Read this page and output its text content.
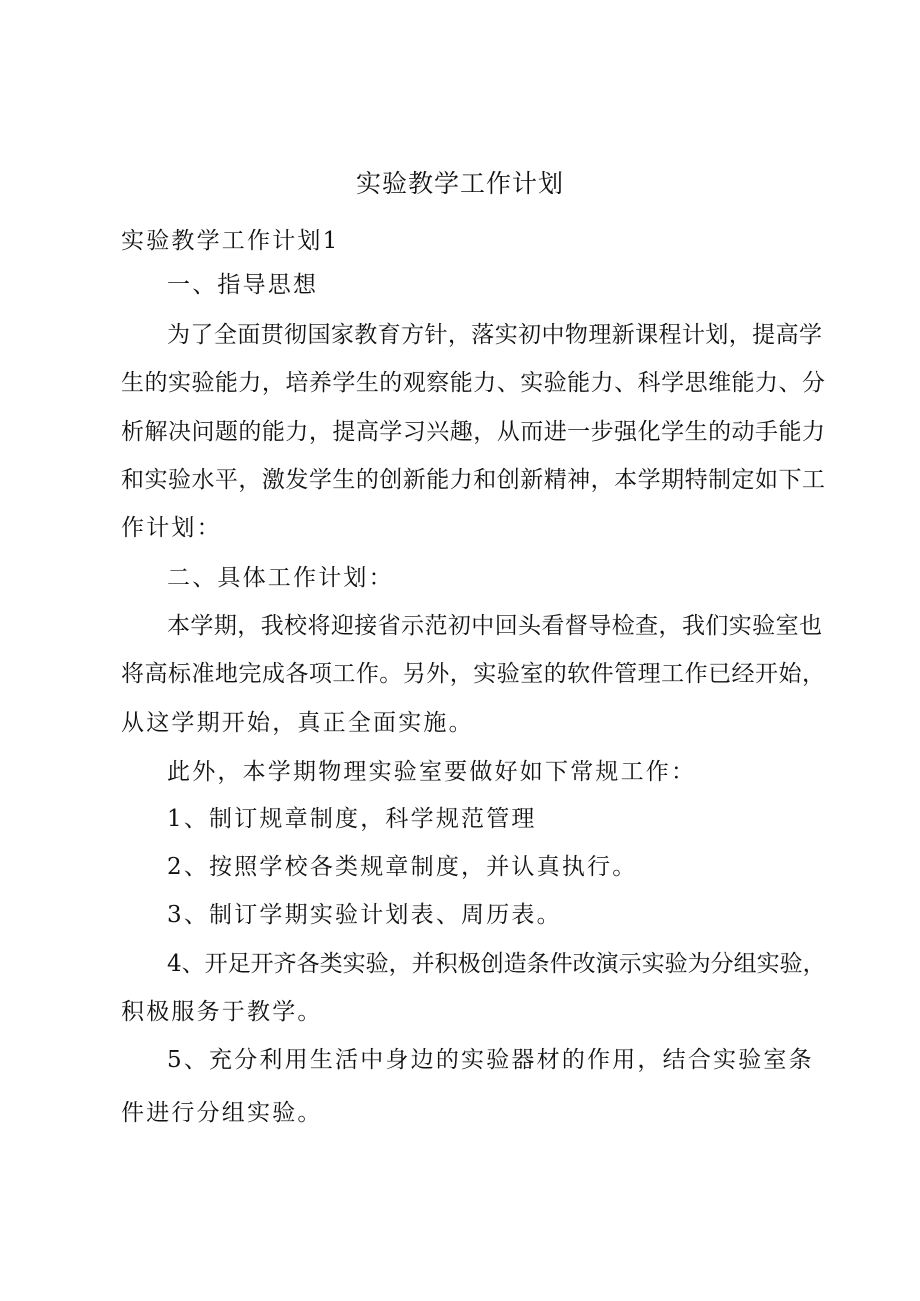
实验教学工作计划
实验教学工作计划1
一、指导思想
为了全面贯彻国家教育方针，落实初中物理新课程计划，提高学
生的实验能力，培养学生的观察能力、实验能力、科学思维能力、分
析解决问题的能力，提高学习兴趣，从而进一步强化学生的动手能力
和实验水平，激发学生的创新能力和创新精神，本学期特制定如下工
作计划：
二、具体工作计划：
本学期，我校将迎接省示范初中回头看督导检查，我们实验室也
将高标准地完成各项工作。另外，实验室的软件管理工作已经开始，
从这学期开始，真正全面实施。
此外，本学期物理实验室要做好如下常规工作：
1、制订规章制度，科学规范管理
2、按照学校各类规章制度，并认真执行。
3、制订学期实验计划表、周历表。
4、开足开齐各类实验，并积极创造条件改演示实验为分组实验，
积极服务于教学。
5、充分利用生活中身边的实验器材的作用，结合实验室条
件进行分组实验。
